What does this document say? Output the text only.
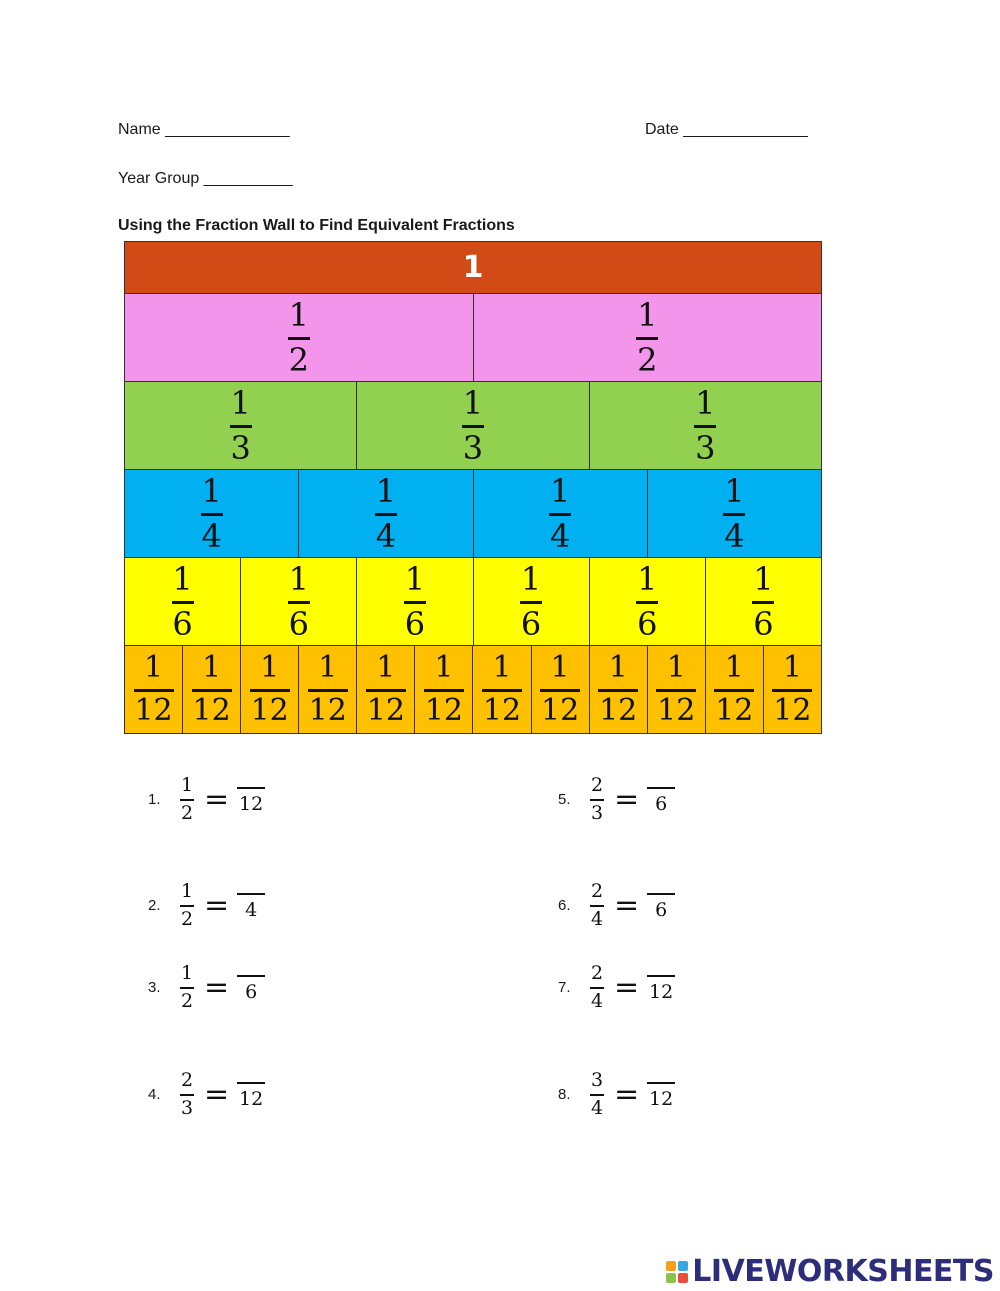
Name ______________	Date ______________
Year Group __________
Using the Fraction Wall to Find Equivalent Fractions
1
$\frac{1}{2}$	$\frac{1}{2}$
$\frac{1}{3}$	$\frac{1}{3}$	$\frac{1}{3}$
$\frac{1}{4}$	$\frac{1}{4}$	$\frac{1}{4}$	$\frac{1}{4}$
$\frac{1}{6}$	$\frac{1}{6}$	$\frac{1}{6}$	$\frac{1}{6}$	$\frac{1}{6}$	$\frac{1}{6}$
$\frac{1}{12} \frac{1}{12} \frac{1}{12} \frac{1}{12} \frac{1}{12} \frac{1}{12} \frac{1}{12} \frac{1}{12} \frac{1}{12} \frac{1}{12} \frac{1}{12} \frac{1}{12}$
1.	$\frac{1}{2} = 12$
2.	$\frac{1}{2} = 4$
3.	$\frac{1}{2} = 6$
4.	$\frac{2}{3} = 12$
5.	$\frac{2}{3} = 6$
6.	$\frac{2}{4} = 6$
7.	$\frac{2}{4} = 12$
8.	$\frac{3}{4} = 12$
LIVEWORKSHEETS
